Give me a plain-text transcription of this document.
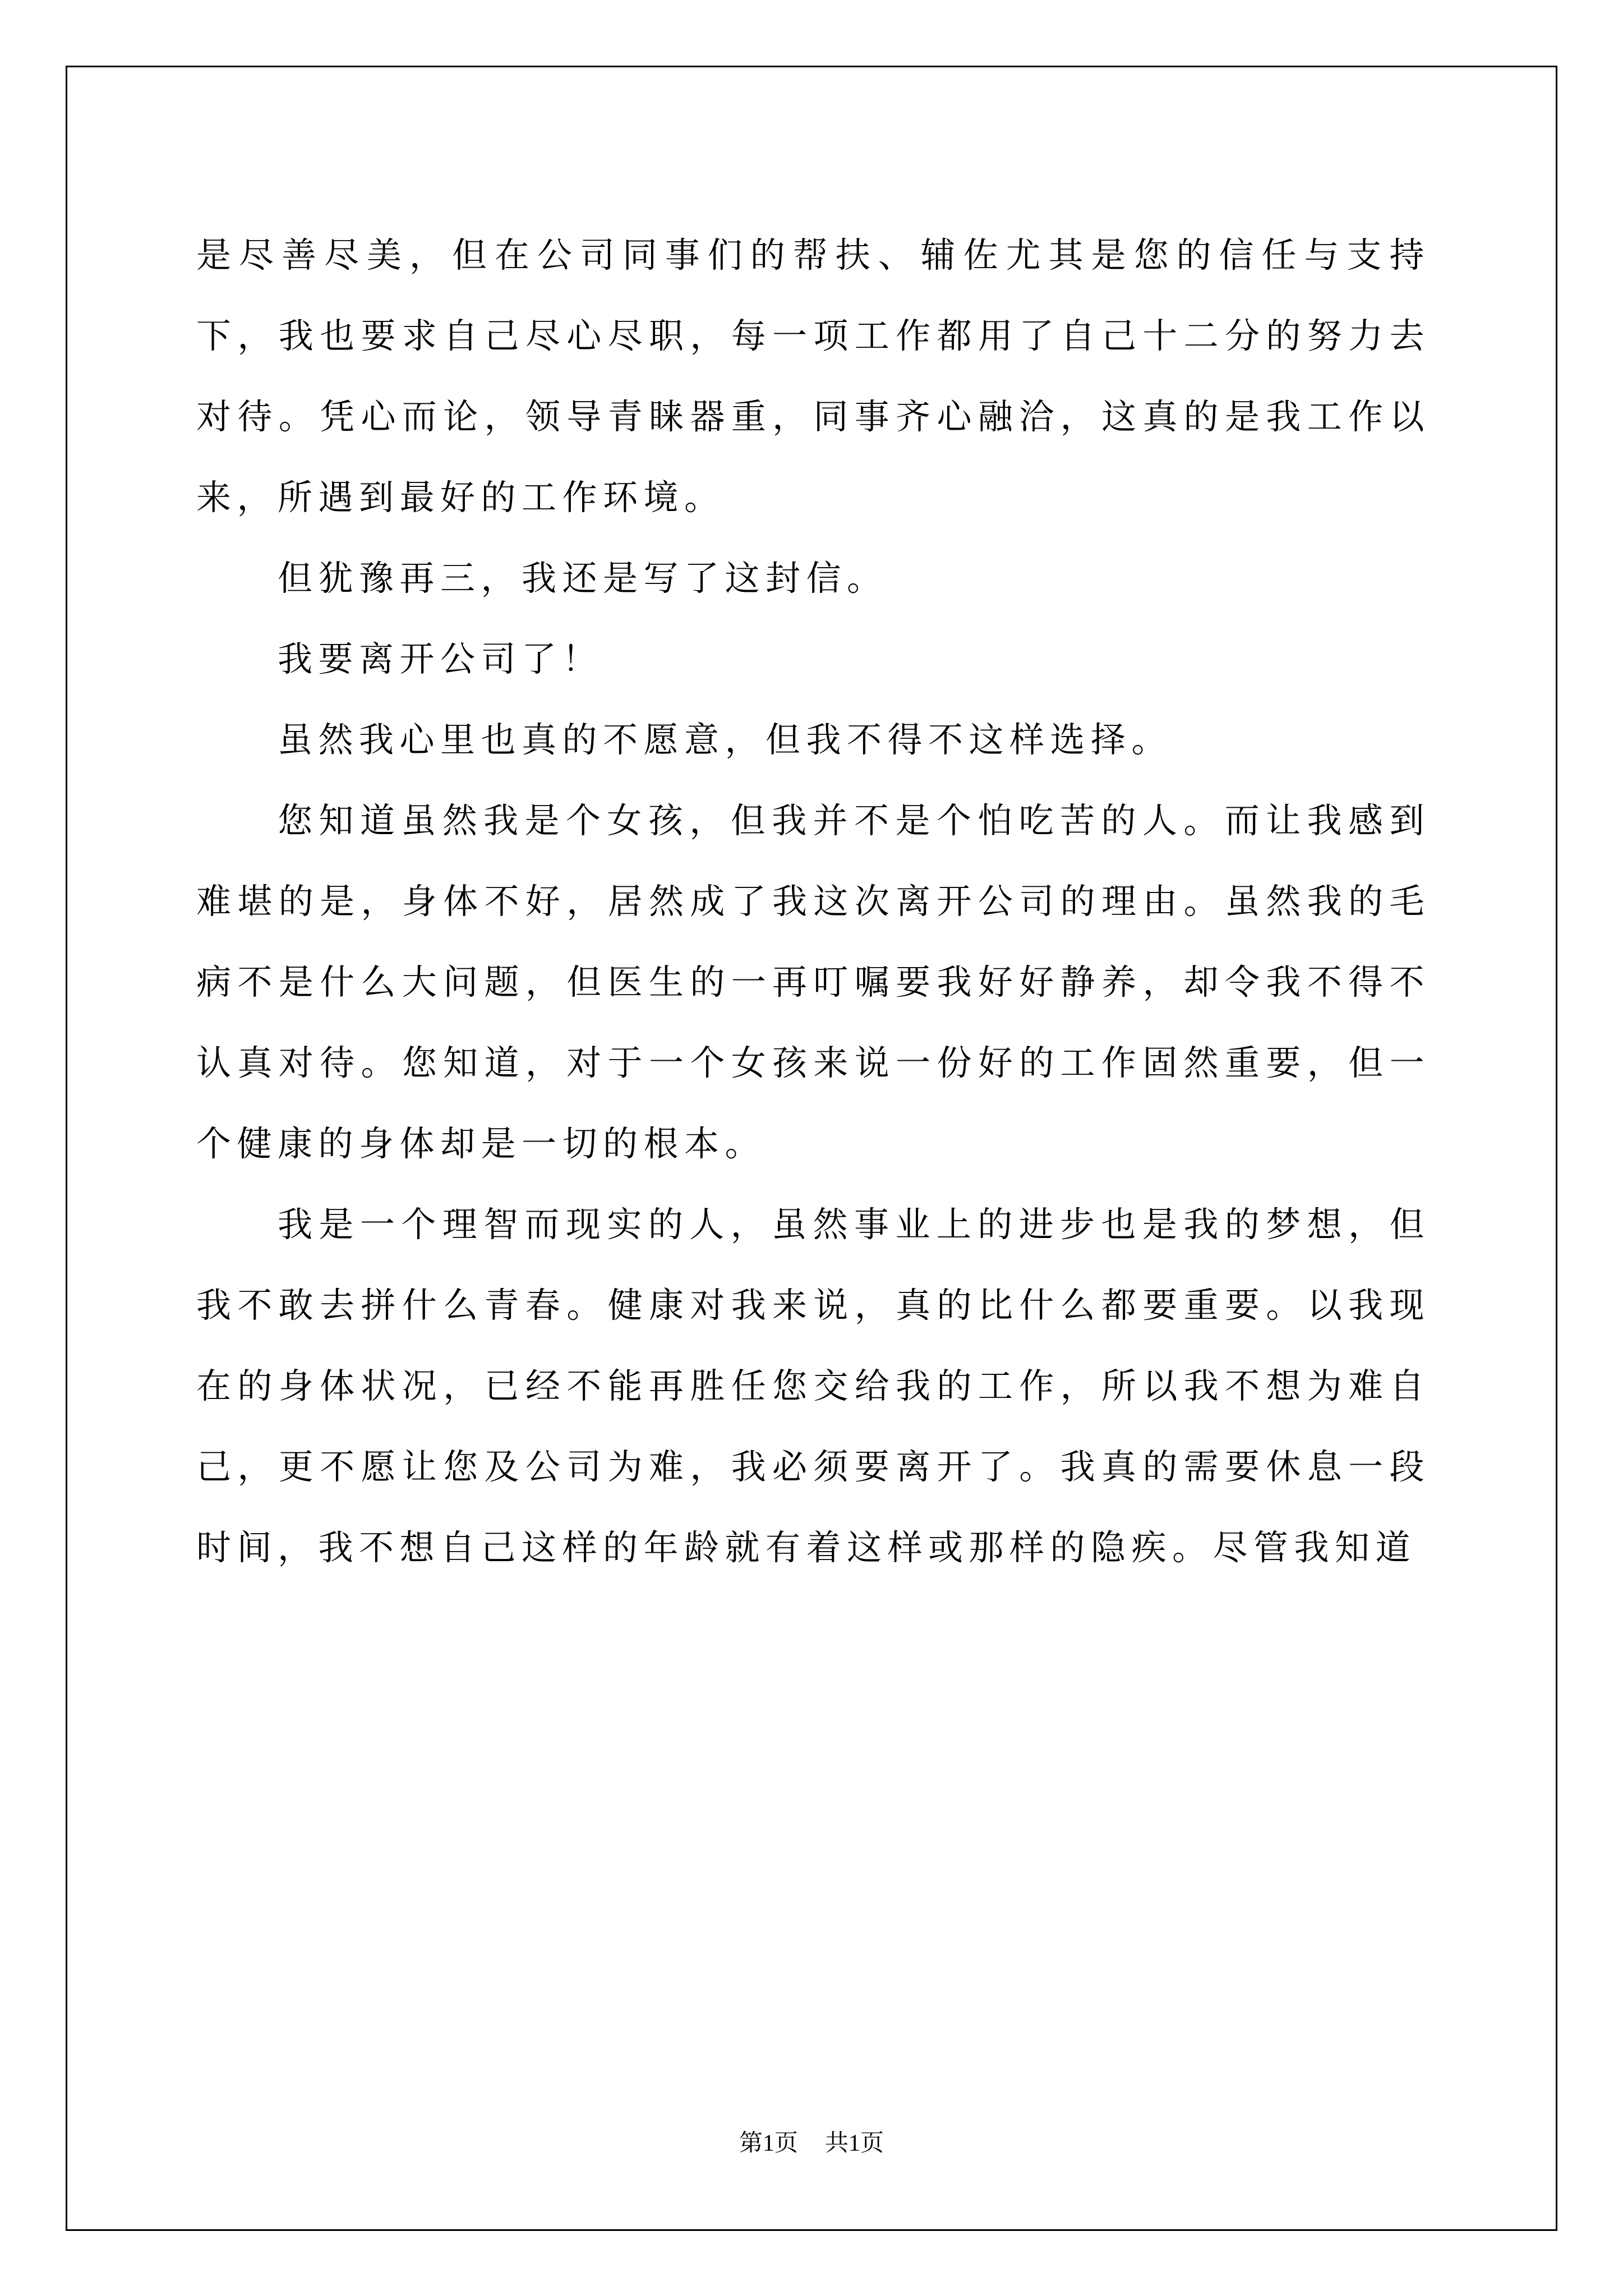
是尽善尽美，但在公司同事们的帮扶、辅佐尤其是您的信任与支持下，我也要求自己尽心尽职，每一项工作都用了自己十二分的努力去对待。凭心而论，领导青睐器重，同事齐心融洽，这真的是我工作以来，所遇到最好的工作环境。

但犹豫再三，我还是写了这封信。

我要离开公司了！

虽然我心里也真的不愿意，但我不得不这样选择。

您知道虽然我是个女孩，但我并不是个怕吃苦的人。而让我感到难堪的是，身体不好，居然成了我这次离开公司的理由。虽然我的毛病不是什么大问题，但医生的一再叮嘱要我好好静养，却令我不得不认真对待。您知道，对于一个女孩来说一份好的工作固然重要，但一个健康的身体却是一切的根本。

我是一个理智而现实的人，虽然事业上的进步也是我的梦想，但我不敢去拼什么青春。健康对我来说，真的比什么都要重要。以我现在的身体状况，已经不能再胜任您交给我的工作，所以我不想为难自己，更不愿让您及公司为难，我必须要离开了。我真的需要休息一段时间，我不想自己这样的年龄就有着这样或那样的隐疾。尽管我知道

第1页 共1页
